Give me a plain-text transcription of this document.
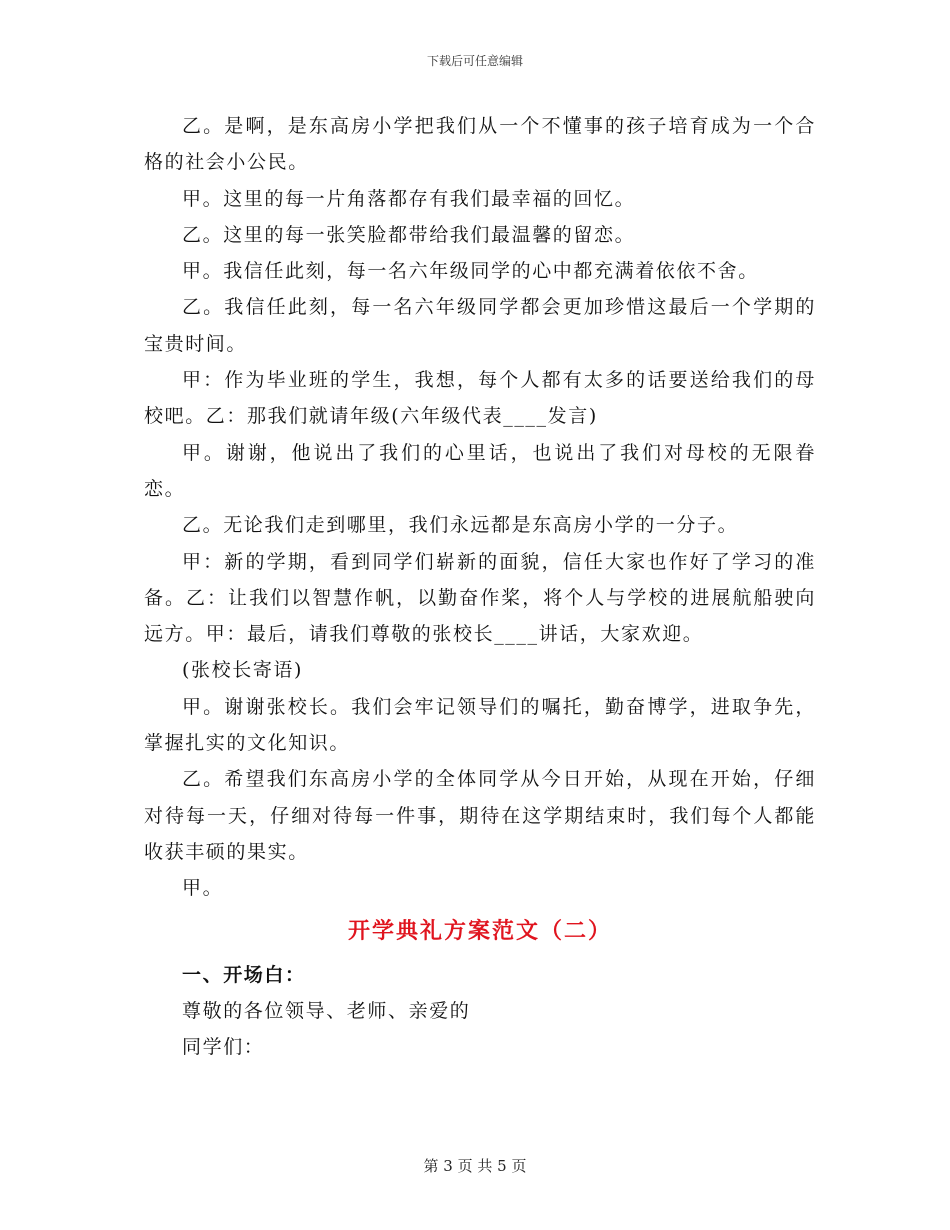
下载后可任意编辑

乙。是啊，是东高房小学把我们从一个不懂事的孩子培育成为一个合格的社会小公民。

甲。这里的每一片角落都存有我们最幸福的回忆。

乙。这里的每一张笑脸都带给我们最温馨的留恋。

甲。我信任此刻，每一名六年级同学的心中都充满着依依不舍。

乙。我信任此刻，每一名六年级同学都会更加珍惜这最后一个学期的宝贵时间。

甲：作为毕业班的学生，我想，每个人都有太多的话要送给我们的母校吧。乙：那我们就请年级(六年级代表____发言)

甲。谢谢，他说出了我们的心里话，也说出了我们对母校的无限眷恋。

乙。无论我们走到哪里，我们永远都是东高房小学的一分子。

甲：新的学期，看到同学们崭新的面貌，信任大家也作好了学习的准备。乙：让我们以智慧作帆，以勤奋作桨，将个人与学校的进展航船驶向远方。甲：最后，请我们尊敬的张校长____讲话，大家欢迎。

(张校长寄语)

甲。谢谢张校长。我们会牢记领导们的嘱托，勤奋博学，进取争先，掌握扎实的文化知识。

乙。希望我们东高房小学的全体同学从今日开始，从现在开始，仔细对待每一天，仔细对待每一件事，期待在这学期结束时，我们每个人都能收获丰硕的果实。

甲。

开学典礼方案范文（二）

一、开场白：

尊敬的各位领导、老师、亲爱的

同学们：

第 3 页 共 5 页
